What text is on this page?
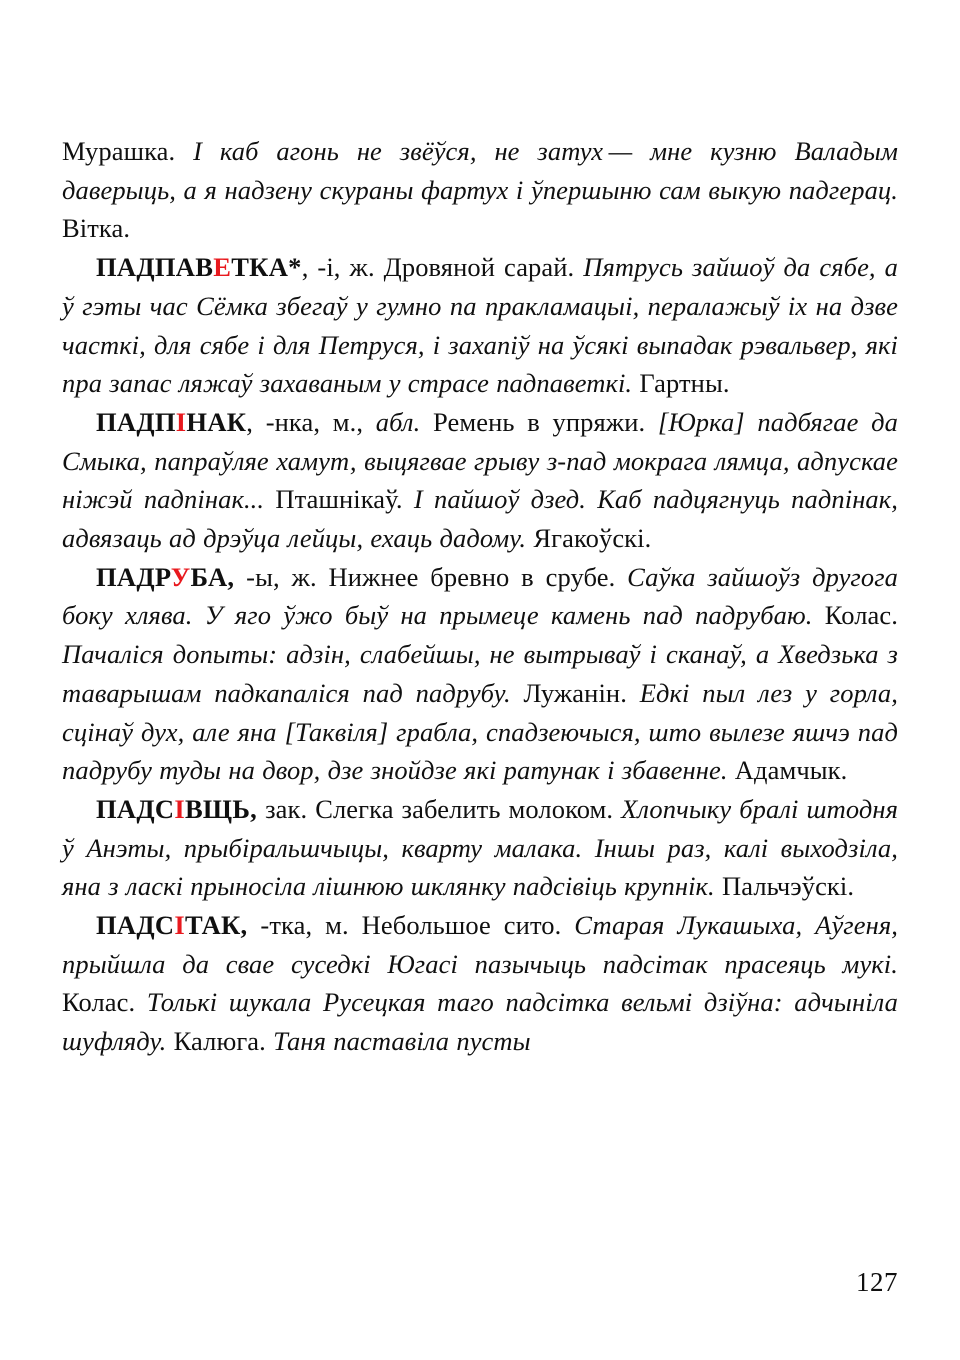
Мурашка. І каб агонь не звёўся, не затух — мне кузню Валадым даверыць, а я надзену скураны фартух і ўпершыню сам выкую падгерац. Вітка.

ПАДПАВЕТКА*, -і, ж. Дровяной сарай. Пятрусь зайшоў да сябе, а ў гэты час Сёмка збегаў у гумно па пракламацыі, пералажыў іх на дзве часткі, для сябе і для Петруся, і захапіў на ўсякі выпадак рэвальвер, які пра запас ляжаў захаваным у страсе падпаветкі. Гартны.

ПАДПІНАК, -нка, м., абл. Ремень в упряжи. [Юрка] падбягае да Смыка, папраўляе хамут, выцягвае грыву з-пад мокрага лямца, адпускае ніжэй падпінак... Пташнікаў. І пайшоў дзед. Каб падцягнуць падпінак, адвязаць ад дрэўца лейцы, ехаць дадому. Ягакоўскі.

ПАДРУБА, -ы, ж. Нижнее бревно в срубе. Саўка зайшоўз другога боку хлява. У яго ўжо быў на прымеце камень пад падрубаю. Колас. Пачаліся допыты: адзін, слабейшы, не вытрываў і сканаў, а Хведзька з таварышам падкапаліся пад падрубу. Лужанін. Едкі пыл лез у горла, сцінаў дух, але яна [Таквіля] грабла, спадзеючыся, што вылезе яшчэ пад падрубу туды на двор, дзе знойдзе які ратунак і збавенне. Адамчык.

ПАДСІВЩЬ, зак. Слегка забелить молоком. Хлопчыку бралі штодня ў Анэты, прыбіральшчыцы, кварту малака. Іншы раз, калі выходзіла, яна з ласкі прыносіла лішнюю шклянку падсівіць крупнік. Пальчэўскі.

ПАДСІТАК, -тка, м. Небольшое сито. Старая Лукашыха, Аўгеня, прыйшла да свае суседкі Югасі пазычыць падсітак прасеяць мукі. Колас. Толькі шукала Русецкая таго падсітка вельмі дзіўна: адчыніла шуфляду. Калюга. Таня паставіла пусты

127
